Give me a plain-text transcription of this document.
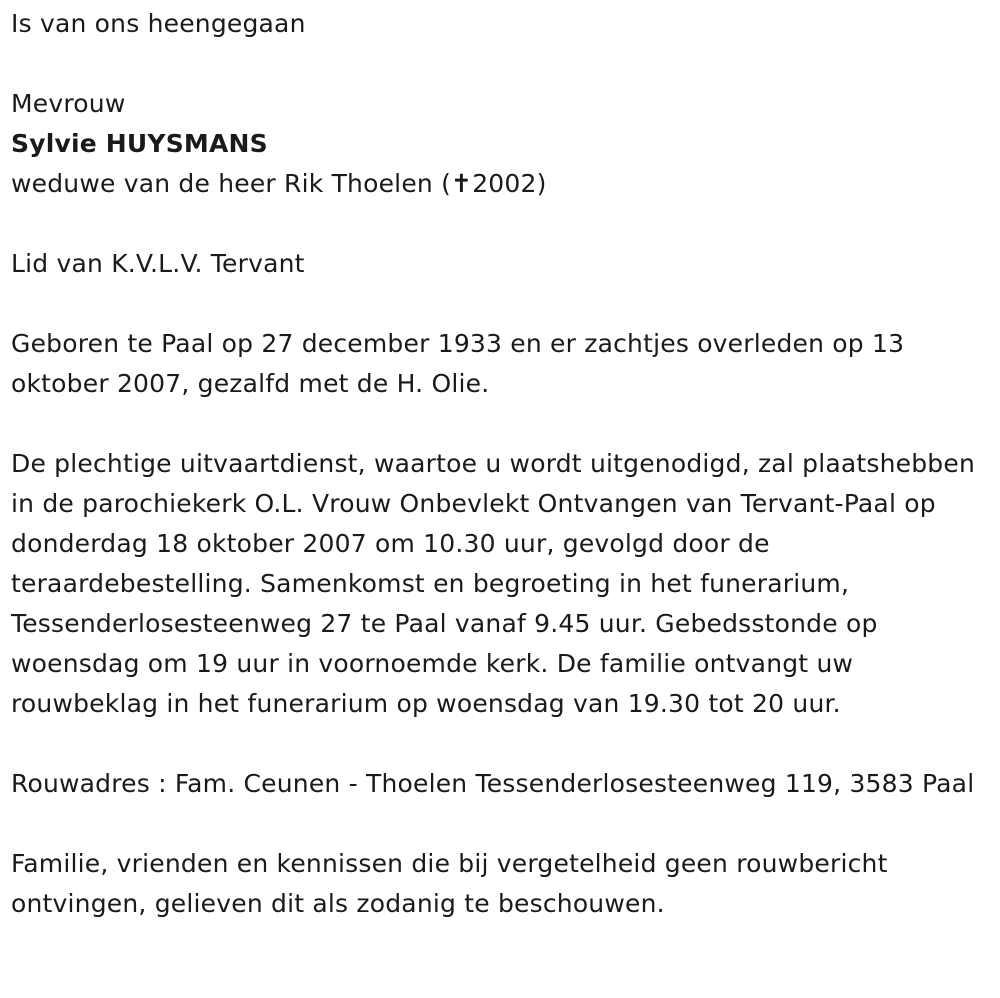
Is van ons heengegaan

Mevrouw

Sylvie HUYSMANS

weduwe van de heer Rik Thoelen (✝2002)

Lid van K.V.L.V. Tervant

Geboren te Paal op 27 december 1933 en er zachtjes overleden op 13 oktober 2007, gezalfd met de H. Olie.

De plechtige uitvaartdienst, waartoe u wordt uitgenodigd, zal plaatshebben in de parochiekerk O.L. Vrouw Onbevlekt Ontvangen van Tervant-Paal op donderdag 18 oktober 2007 om 10.30 uur, gevolgd door de teraardebestelling. Samenkomst en begroeting in het funerarium, Tessenderlosesteenweg 27 te Paal vanaf 9.45 uur. Gebedsstonde op woensdag om 19 uur in voornoemde kerk. De familie ontvangt uw rouwbeklag in het funerarium op woensdag van 19.30 tot 20 uur.

Rouwadres : Fam. Ceunen - Thoelen Tessenderlosesteenweg 119, 3583 Paal

Familie, vrienden en kennissen die bij vergetelheid geen rouwbericht ontvingen, gelieven dit als zodanig te beschouwen.
